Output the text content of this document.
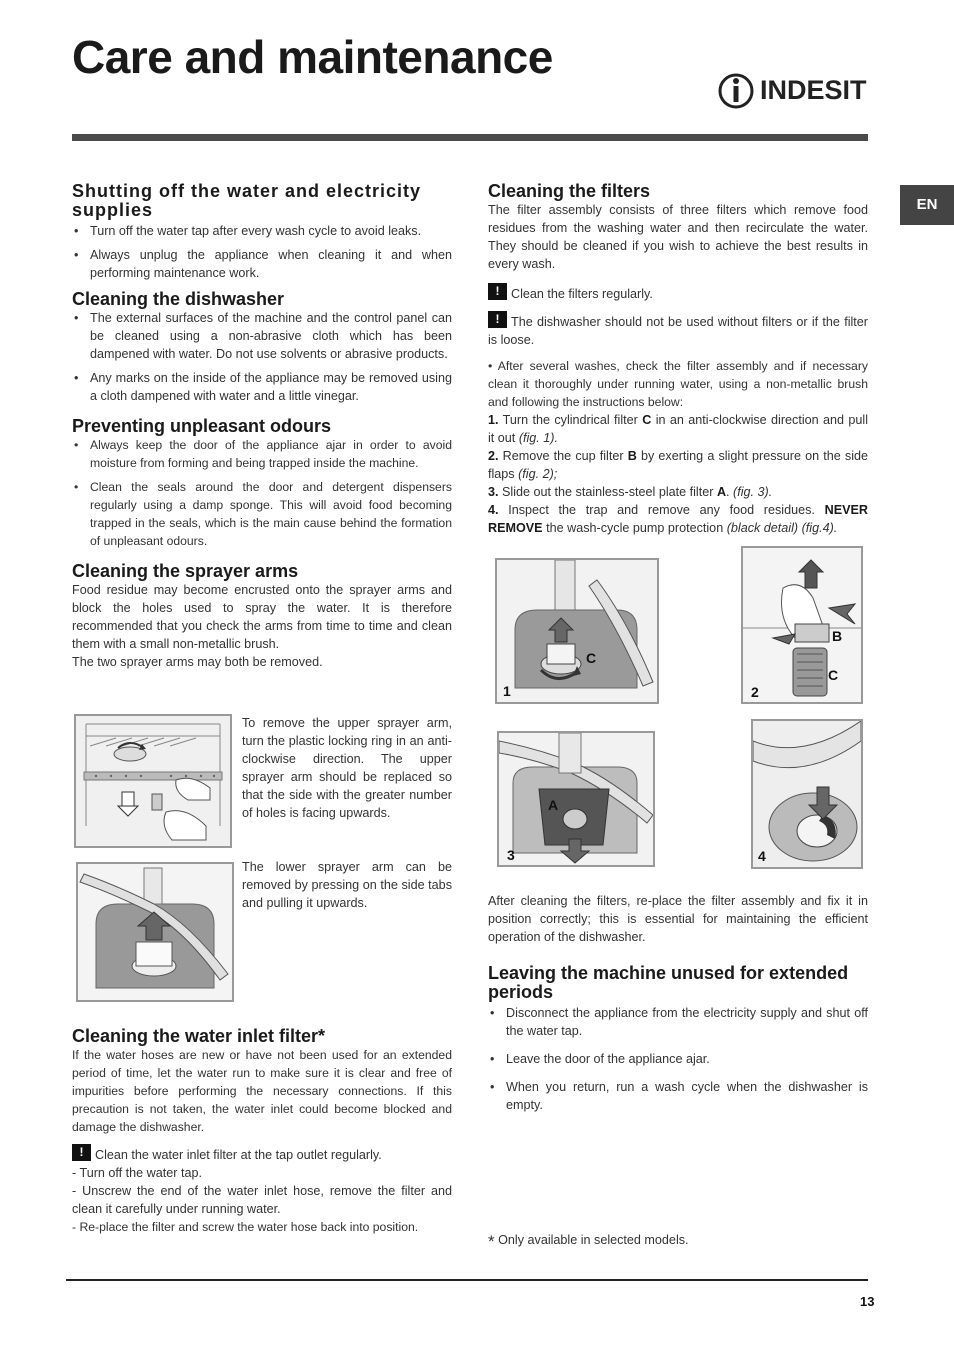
Care and maintenance
INDESIT
EN
Shutting off the water and electricity supplies
• Turn off the water tap after every wash cycle to avoid leaks.
• Always unplug the appliance when cleaning it and when performing maintenance work.
Cleaning the dishwasher
• The external surfaces of the machine and the control panel can be cleaned using a non-abrasive cloth which has been dampened with water. Do not use solvents or abrasive products.
• Any marks on the inside of the appliance may be removed using a cloth dampened with water and a little vinegar.
Preventing unpleasant odours
• Always keep the door of the appliance ajar in order to avoid moisture from forming and being trapped inside the machine.
• Clean the seals around the door and detergent dispensers regularly using a damp sponge. This will avoid food becoming trapped in the seals, which is the main cause behind the formation of unpleasant odours.
Cleaning the sprayer arms

Food residue may become encrusted onto the sprayer arms and block the holes used to spray the water. It is therefore recommended that you check the arms from time to time and clean them with a small non-metallic brush.

The two sprayer arms may both be removed.

To remove the upper sprayer arm, turn the plastic locking ring in an anti-clockwise direction. The upper sprayer arm should be replaced so that the side with the greater number of holes is facing upwards.
The lower sprayer arm can be removed by pressing on the side tabs and pulling it upwards.
Cleaning the water inlet filter*

If the water hoses are new or have not been used for an extended period of time, let the water run to make sure it is clear and free of impurities before performing the necessary connections. If this precaution is not taken, the water inlet could become blocked and damage the dishwasher.

!Clean the water inlet filter at the tap outlet regularly.

- Turn off the water tap.

- Unscrew the end of the water inlet hose, remove the filter and clean it carefully under running water.

- Re-place the filter and screw the water hose back into position.

Cleaning the filters

The filter assembly consists of three filters which remove food residues from the washing water and then recirculate the water. They should be cleaned if you wish to achieve the best results in every wash.

!Clean the filters regularly.

!The dishwasher should not be used without filters or if the filter is loose.

• After several washes, check the filter assembly and if necessary clean it thoroughly under running water, using a non-metallic brush and following the instructions below:

1. Turn the cylindrical filter C in an anti-clockwise direction and pull it out (fig. 1).

2. Remove the cup filter B by exerting a slight pressure on the side flaps (fig. 2);

3. Slide out the stainless-steel plate filter A. (fig. 3).

4. Inspect the trap and remove any food residues. NEVER REMOVE the wash-cycle pump protection (black detail) (fig.4).

1
C
2
B
C
3
A
4
After cleaning the filters, re-place the filter assembly and fix it in position correctly; this is essential for maintaining the efficient operation of the dishwasher.
Leaving the machine unused for extended periods
• Disconnect the appliance from the electricity supply and shut off the water tap.
• Leave the door of the appliance ajar.
• When you return, run a wash cycle when the dishwasher is empty.
* Only available in selected models.
13
